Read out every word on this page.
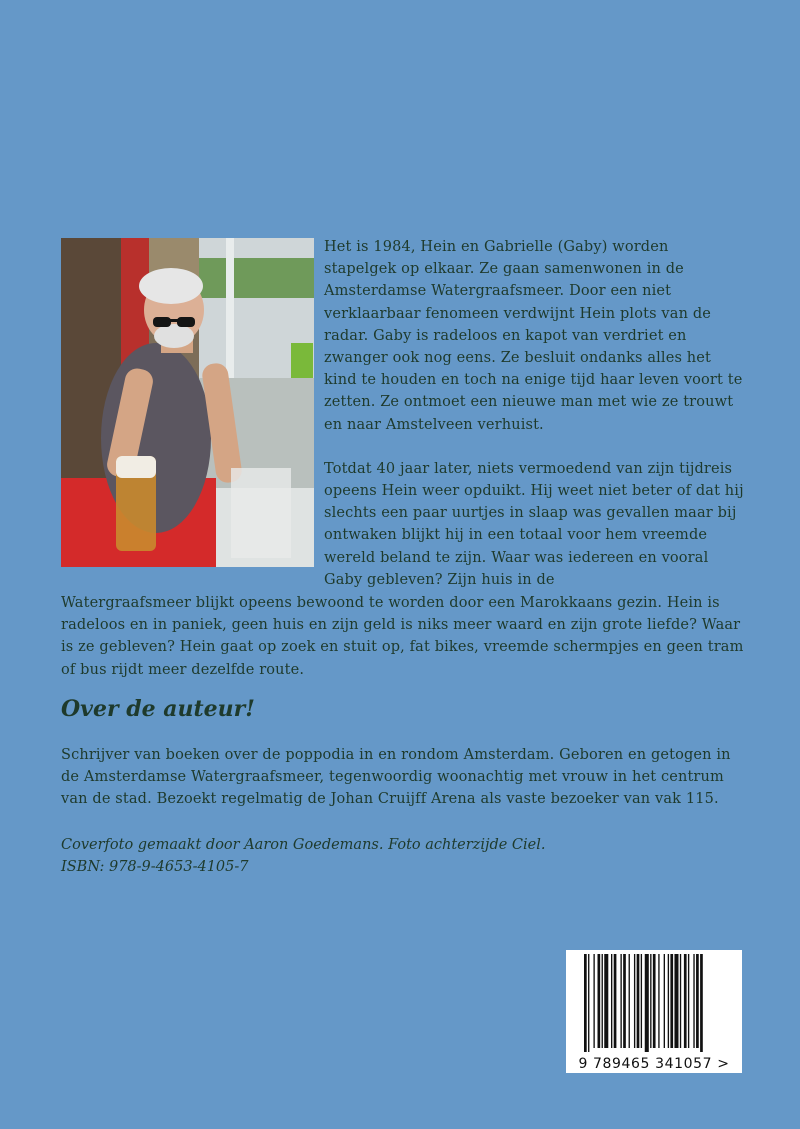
Het is 1984, Hein en Gabrielle (Gaby) worden stapelgek op elkaar. Ze gaan samenwonen in de Amsterdamse Watergraafsmeer. Door een niet verklaarbaar fenomeen verdwijnt Hein plots van de radar. Gaby is radeloos en kapot van verdriet en zwanger ook nog eens. Ze besluit ondanks alles het kind te houden en toch na enige tijd haar leven voort te zetten. Ze ontmoet een nieuwe man met wie ze trouwt en naar Amstelveen verhuist.

Totdat 40 jaar later, niets vermoedend van zijn tijdreis opeens Hein weer opduikt. Hij weet niet beter of dat hij slechts een paar uurtjes in slaap was gevallen maar bij ontwaken blijkt hij in een totaal voor hem vreemde wereld beland te zijn. Waar was iedereen en vooral Gaby gebleven? Zijn huis in de

Watergraafsmeer blijkt opeens bewoond te worden door een Marokkaans gezin. Hein is radeloos en in paniek, geen huis en zijn geld is niks meer waard en zijn grote liefde? Waar is ze gebleven? Hein gaat op zoek en stuit op, fat bikes, vreemde schermpjes en geen tram of bus rijdt meer dezelfde route.

Over de auteur!

Schrijver van boeken over de poppodia in en rondom Amsterdam. Geboren en getogen in de Amsterdamse Watergraafsmeer, tegenwoordig woonachtig met vrouw in het centrum van de stad. Bezoekt regelmatig de Johan Cruijff Arena als vaste bezoeker van vak 115.

Coverfoto gemaakt door Aaron Goedemans. Foto achterzijde Ciel.
ISBN: 978-9-4653-4105-7
9 789465 341057 >
